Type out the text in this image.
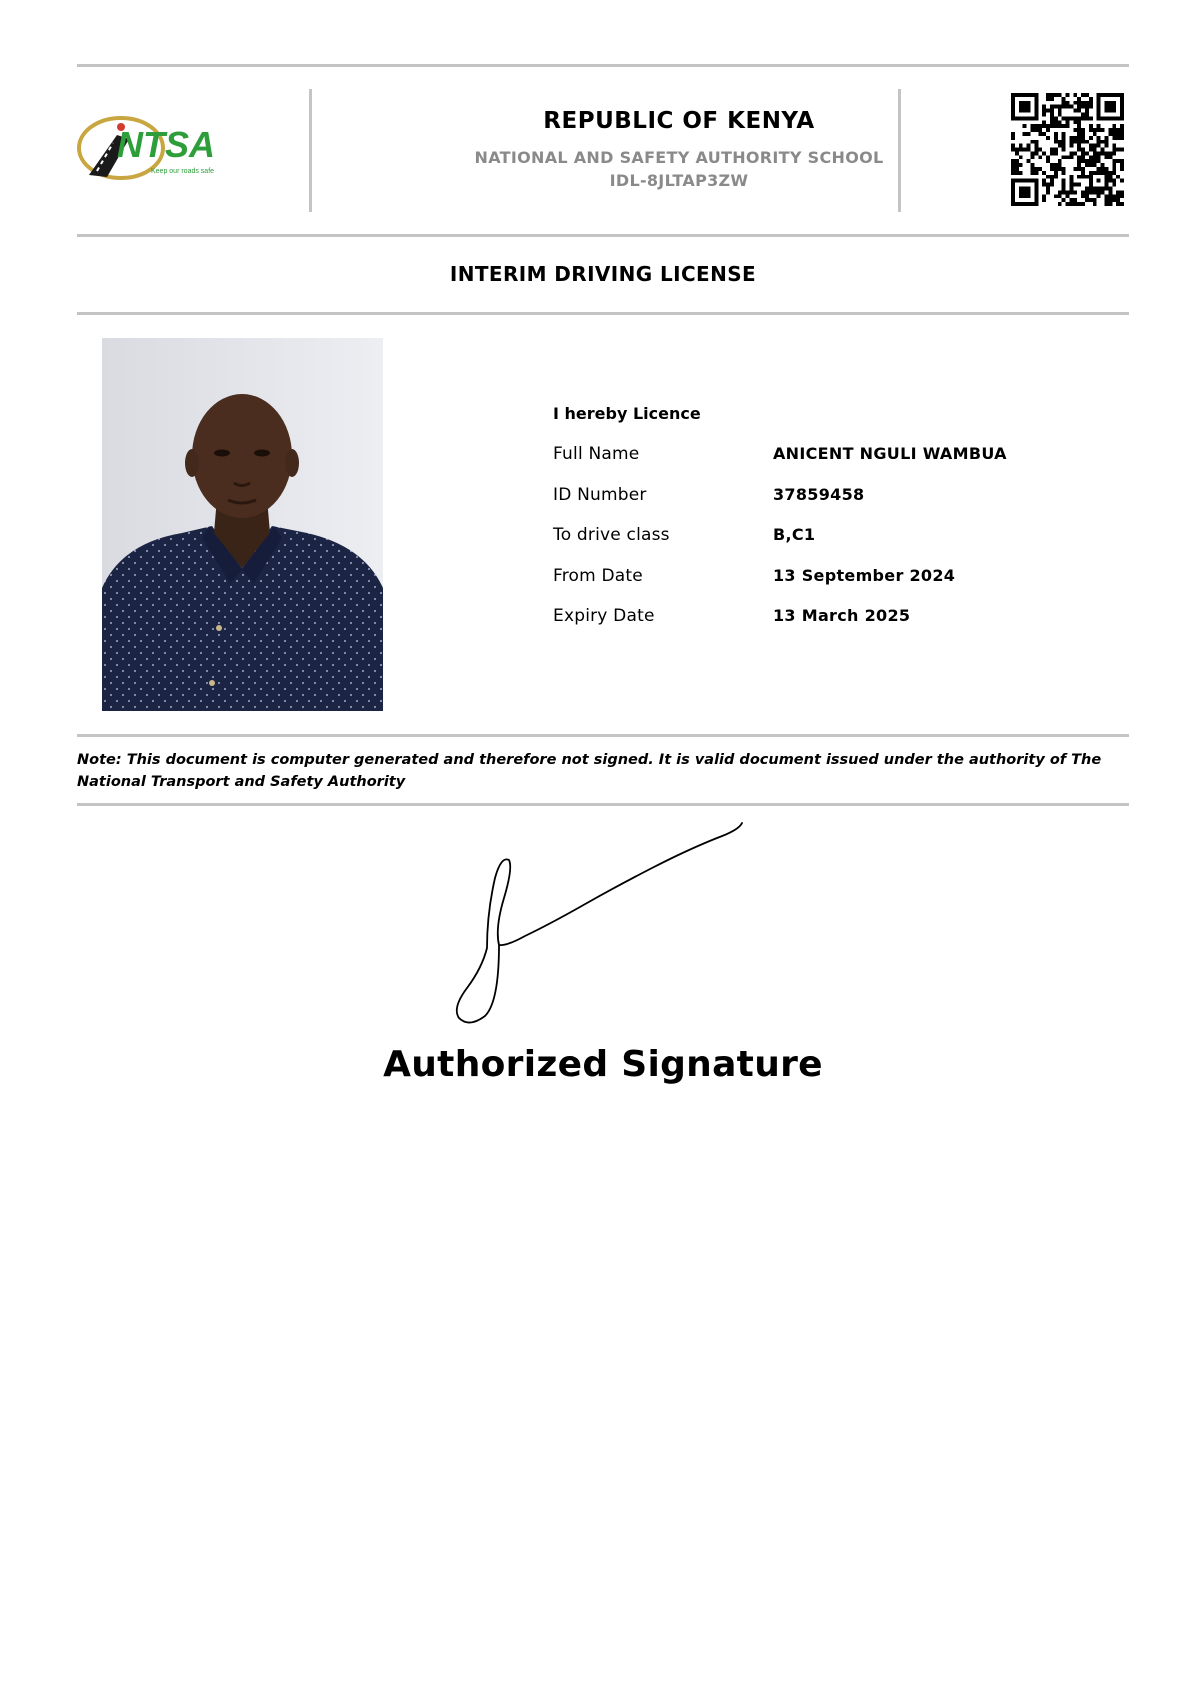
NTSA
Keep our roads safe
REPUBLIC OF KENYA
NATIONAL AND SAFETY AUTHORITY SCHOOL
IDL-8JLTAP3ZW
INTERIM DRIVING LICENSE
I hereby Licence
Full Name	ANICENT NGULI WAMBUA
ID Number	37859458
To drive class	B,C1
From Date	13 September 2024
Expiry Date	13 March 2025
Note: This document is computer generated and therefore not signed. It is valid document issued under the authority of The National Transport and Safety Authority
Authorized Signature
